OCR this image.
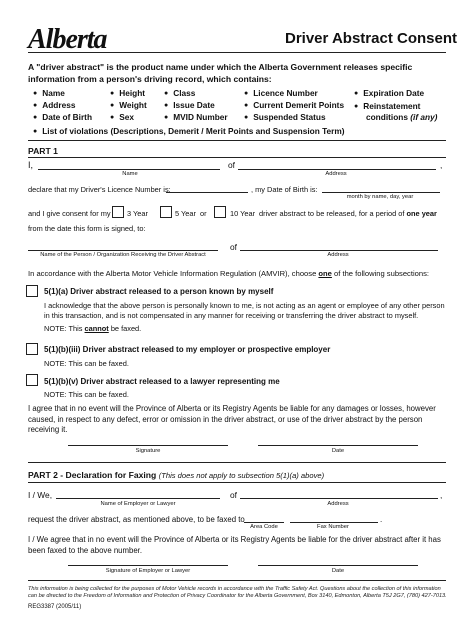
Alberta	Driver Abstract Consent
A "driver abstract" is the product name under which the Alberta Government releases specific information from a person's driving record, which contains:
● Name
● Address
● Date of Birth
● Height
● Weight
● Sex
● Class
● Issue Date
● MVID Number
● Licence Number
● Current Demerit Points
● Suspended Status
● Expiration Date
● Reinstatement
conditions (if any)
● List of violations (Descriptions, Demerit / Merit Points and Suspension Term)
PART 1
I,	of	,
Name	Address
declare that my Driver's Licence Number is:	, my Date of Birth is:
month by name, day, year
and I give consent for my 3 Year	5 Year or	10 Year driver abstract to be released, for a period of one year
from the date this form is signed, to:
of
Name of the Person / Organization Receiving the Driver Abstract	Address
In accordance with the Alberta Motor Vehicle Information Regulation (AMVIR), choose one of the following subsections:
5(1)(a) Driver abstract released to a person known by myself
I acknowledge that the above person is personally known to me, is not acting as an agent or employee of any other person in this transaction, and is not compensated in any manner for receiving or transferring the driver abstract to myself.
NOTE: This cannot be faxed.
5(1)(b)(iii) Driver abstract released to my employer or prospective employer
NOTE: This can be faxed.
5(1)(b)(v) Driver abstract released to a lawyer representing me
NOTE: This can be faxed.
I agree that in no event will the Province of Alberta or its Registry Agents be liable for any damages or losses, however caused, in respect to any defect, error or omission in the driver abstract, or use of the driver abstract by the person receiving it.
Signature	Date
PART 2 - Declaration for Faxing (This does not apply to subsection 5(1)(a) above)
I / We,	of	,
Name of Employer or Lawyer	Address
request the driver abstract, as mentioned above, to be faxed to	.
Area Code	Fax Number
I / We agree that in no event will the Province of Alberta or its Registry Agents be liable for the driver abstract after it has been faxed to the above number.
Signature of Employer or Lawyer	Date
This information is being collected for the purposes of Motor Vehicle records in accordance with the Traffic Safety Act. Questions about the collection of this information can be directed to the Freedom of Information and Protection of Privacy Coordinator for the Alberta Government, Box 3140, Edmonton, Alberta T5J 2G7, (780) 427-7013.
REG3387 (2005/11)
